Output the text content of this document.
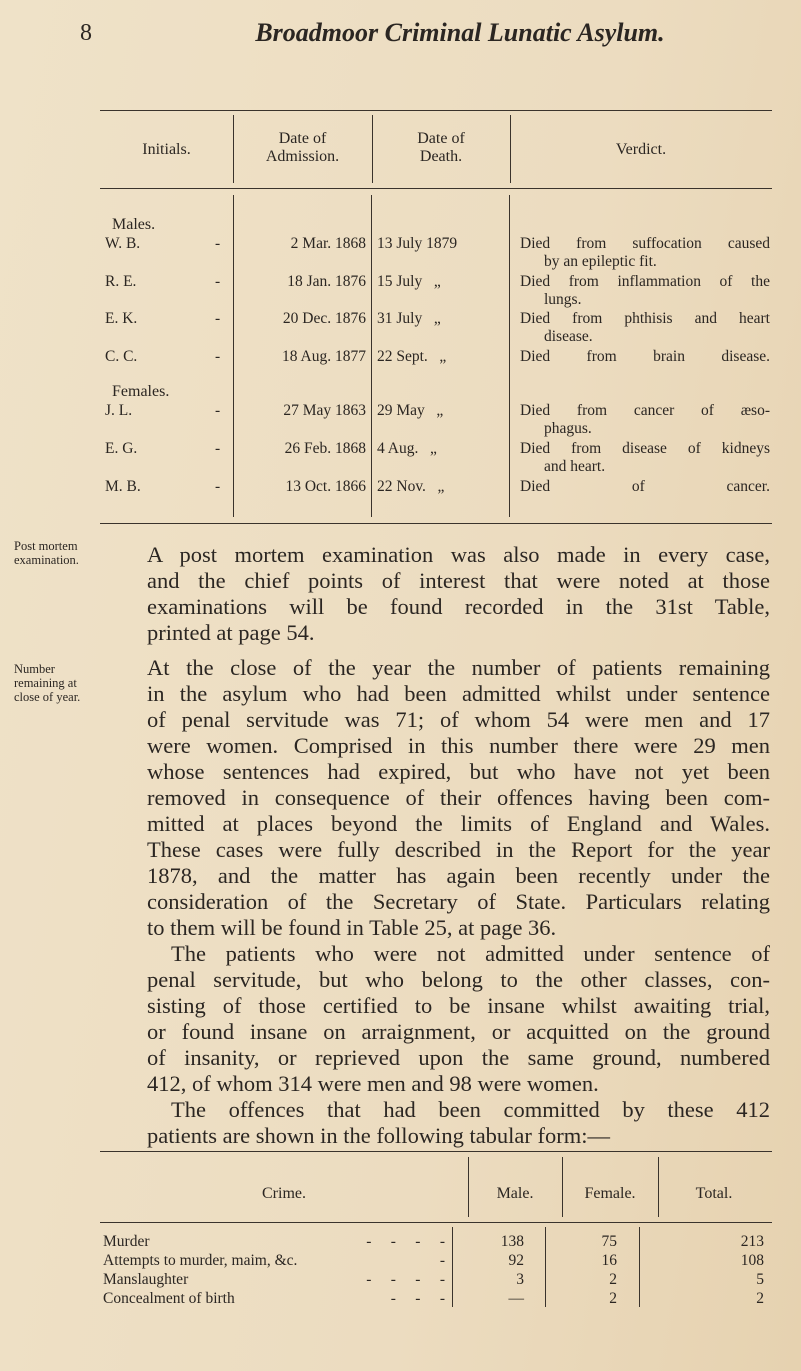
8	Broadmoor Criminal Lunatic Asylum.
Initials.
Date of
Admission.
Date of
Death.	Verdict.
Males.
W. B.	-	2 Mar. 1868 13 July 1879	Died from suffocation caused
by an epileptic fit.
R. E.	-	18 Jan. 1876 15 July   „	Died from inflammation of the
lungs.
E. K.	-	20 Dec. 1876 31 July   „	Died from phthisis and heart
disease.
C. C.	-	18 Aug. 1877 22 Sept.   „	Died from brain disease.
Females.
J. L.	-	27 May 1863 29 May   „	Died from cancer of æso-
phagus.
E. G.	-	26 Feb. 1868 4 Aug.   „	Died from disease of kidneys
and heart.
M. B.	-	13 Oct. 1866 22 Nov.   „	Died of cancer.
Post mortem
examination.
Number
remaining at
close of year.
A post mortem examination was also made in every case,
and the chief points of interest that were noted at those
examinations will be found recorded in the 31st Table,
printed at page 54.
At the close of the year the number of patients remaining
in the asylum who had been admitted whilst under sentence
of penal servitude was 71; of whom 54 were men and 17
were women. Comprised in this number there were 29 men
whose sentences had expired, but who have not yet been
removed in consequence of their offences having been com-
mitted at places beyond the limits of England and Wales.
These cases were fully described in the Report for the year
1878, and the matter has again been recently under the
consideration of the Secretary of State. Particulars relating
to them will be found in Table 25, at page 36.
The patients who were not admitted under sentence of
penal servitude, but who belong to the other classes, con-
sisting of those certified to be insane whilst awaiting trial,
or found insane on arraignment, or acquitted on the ground
of insanity, or reprieved upon the same ground, numbered
412, of whom 314 were men and 98 were women.
The offences that had been committed by these 412
patients are shown in the following tabular form:—
Crime.	Male.	Female.	Total.
Murder	-     -     -     -	138	75	213
Attempts to murder, maim, &c.	-	92	16	108
Manslaughter	-     -     -     -	3	2	5
Concealment of birth	-     -     -	—	2	2
